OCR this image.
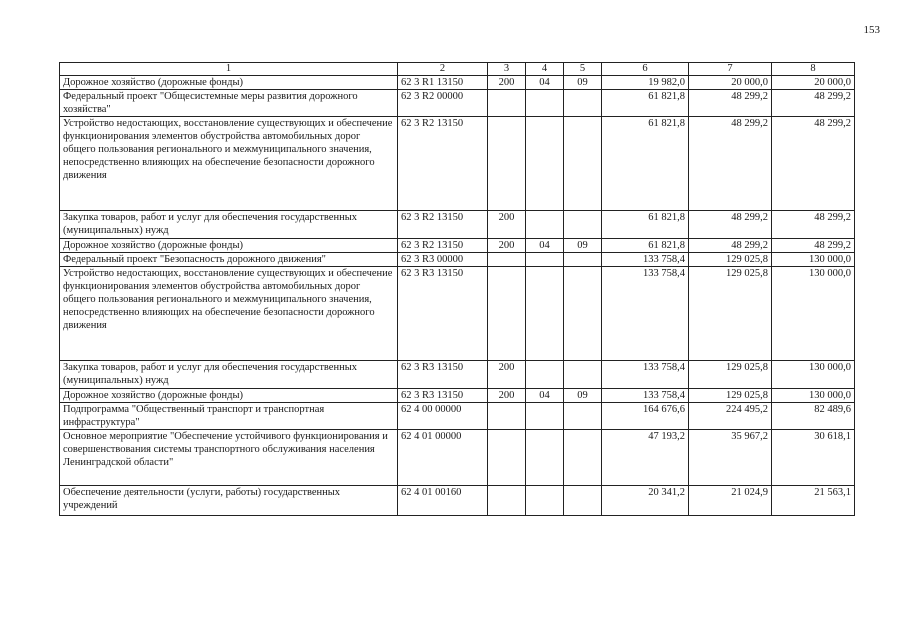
153
1	2	3	4	5	6	7	8
Дорожное хозяйство (дорожные фонды)	62 3 R1 13150	200	04	09	19 982,0	20 000,0	20 000,0
Федеральный проект "Общесистемные меры развития дорожного хозяйства"	62 3 R2 00000				61 821,8	48 299,2	48 299,2
Устройство недостающих, восстановление существующих и обеспечение функционирования элементов обустройства автомобильных дорог общего пользования регионального и межмуниципального значения, непосредственно влияющих на обеспечение безопасности дорожного движения	62 3 R2 13150				61 821,8	48 299,2	48 299,2
Закупка товаров, работ и услуг для обеспечения государственных (муниципальных) нужд	62 3 R2 13150	200			61 821,8	48 299,2	48 299,2
Дорожное хозяйство (дорожные фонды)	62 3 R2 13150	200	04	09	61 821,8	48 299,2	48 299,2
Федеральный проект "Безопасность дорожного движения"	62 3 R3 00000				133 758,4	129 025,8	130 000,0
Устройство недостающих, восстановление существующих и обеспечение функционирования элементов обустройства автомобильных дорог общего пользования регионального и межмуниципального значения, непосредственно влияющих на обеспечение безопасности дорожного движения	62 3 R3 13150				133 758,4	129 025,8	130 000,0
Закупка товаров, работ и услуг для обеспечения государственных (муниципальных) нужд	62 3 R3 13150	200			133 758,4	129 025,8	130 000,0
Дорожное хозяйство (дорожные фонды)	62 3 R3 13150	200	04	09	133 758,4	129 025,8	130 000,0
Подпрограмма "Общественный транспорт и транспортная инфраструктура"	62 4 00 00000				164 676,6	224 495,2	82 489,6
Основное мероприятие "Обеспечение устойчивого функционирования и совершенствования системы транспортного обслуживания населения Ленинградской области"	62 4 01 00000				47 193,2	35 967,2	30 618,1
Обеспечение деятельности (услуги, работы) государственных учреждений	62 4 01 00160				20 341,2	21 024,9	21 563,1
